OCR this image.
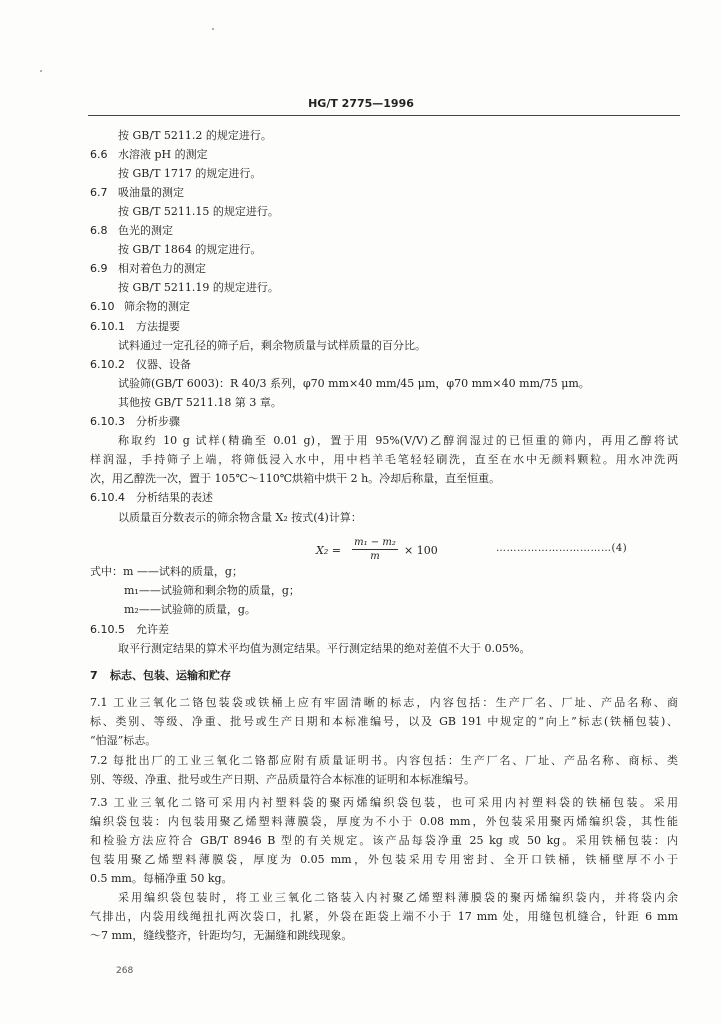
HG/T 2775—1996
按 GB/T 5211.2 的规定进行。
6.6 水溶液 pH 的测定
按 GB/T 1717 的规定进行。
6.7 吸油量的测定
按 GB/T 5211.15 的规定进行。
6.8 色光的测定
按 GB/T 1864 的规定进行。
6.9 相对着色力的测定
按 GB/T 5211.19 的规定进行。
6.10 筛余物的测定
6.10.1 方法提要
试料通过一定孔径的筛子后，剩余物质量与试样质量的百分比。
6.10.2 仪器、设备
试验筛(GB/T 6003)：R 40/3 系列，φ70 mm×40 mm/45 μm，φ70 mm×40 mm/75 μm。
其他按 GB/T 5211.18 第 3 章。
6.10.3 分析步骤
称取约 10 g 试样(精确至 0.01 g)，置于用 95%(V/V)乙醇润湿过的已恒重的筛内，再用乙醇将试
样润湿，手持筛子上端，将筛低浸入水中，用中档羊毛笔轻轻刷洗，直至在水中无颜料颗粒。用水冲洗两
次，用乙醇洗一次，置于 105℃～110℃烘箱中烘干 2 h。冷却后称量，直至恒重。
6.10.4 分析结果的表述
以质量百分数表示的筛余物含量 X₂ 按式(4)计算：
$X_2 = \frac{\text{m₁ − m₂}}{m} \times 100$	……………………………(4)
式中：m ——试料的质量，g；
m₁——试验筛和剩余物的质量，g；
m₂——试验筛的质量，g。
6.10.5 允许差
取平行测定结果的算术平均值为测定结果。平行测定结果的绝对差值不大于 0.05%。
7 标志、包装、运输和贮存
7.1 工业三氧化二铬包装袋或铁桶上应有牢固清晰的标志，内容包括：生产厂名、厂址、产品名称、商
标、类别、等级、净重、批号或生产日期和本标准编号，以及 GB 191 中规定的“向上”标志(铁桶包装)、
“怕湿”标志。
7.2 每批出厂的工业三氧化二铬都应附有质量证明书。内容包括：生产厂名、厂址、产品名称、商标、类
别、等级、净重、批号或生产日期、产品质量符合本标准的证明和本标准编号。
7.3 工业三氧化二铬可采用内衬塑料袋的聚丙烯编织袋包装，也可采用内衬塑料袋的铁桶包装。采用
编织袋包装：内包装用聚乙烯塑料薄膜袋，厚度为不小于 0.08 mm，外包装采用聚丙烯编织袋，其性能
和检验方法应符合 GB/T 8946 B 型的有关规定。该产品每袋净重 25 kg 或 50 kg。采用铁桶包装：内
包装用聚乙烯塑料薄膜袋，厚度为 0.05 mm，外包装采用专用密封、全开口铁桶，铁桶壁厚不小于
0.5 mm。每桶净重 50 kg。
采用编织袋包装时，将工业三氧化二铬装入内衬聚乙烯塑料薄膜袋的聚丙烯编织袋内，并将袋内余
气排出，内袋用线绳扭扎两次袋口，扎紧，外袋在距袋上端不小于 17 mm 处，用缝包机缝合，针距 6 mm
～7 mm，缝线整齐，针距均匀，无漏缝和跳线现象。
268
